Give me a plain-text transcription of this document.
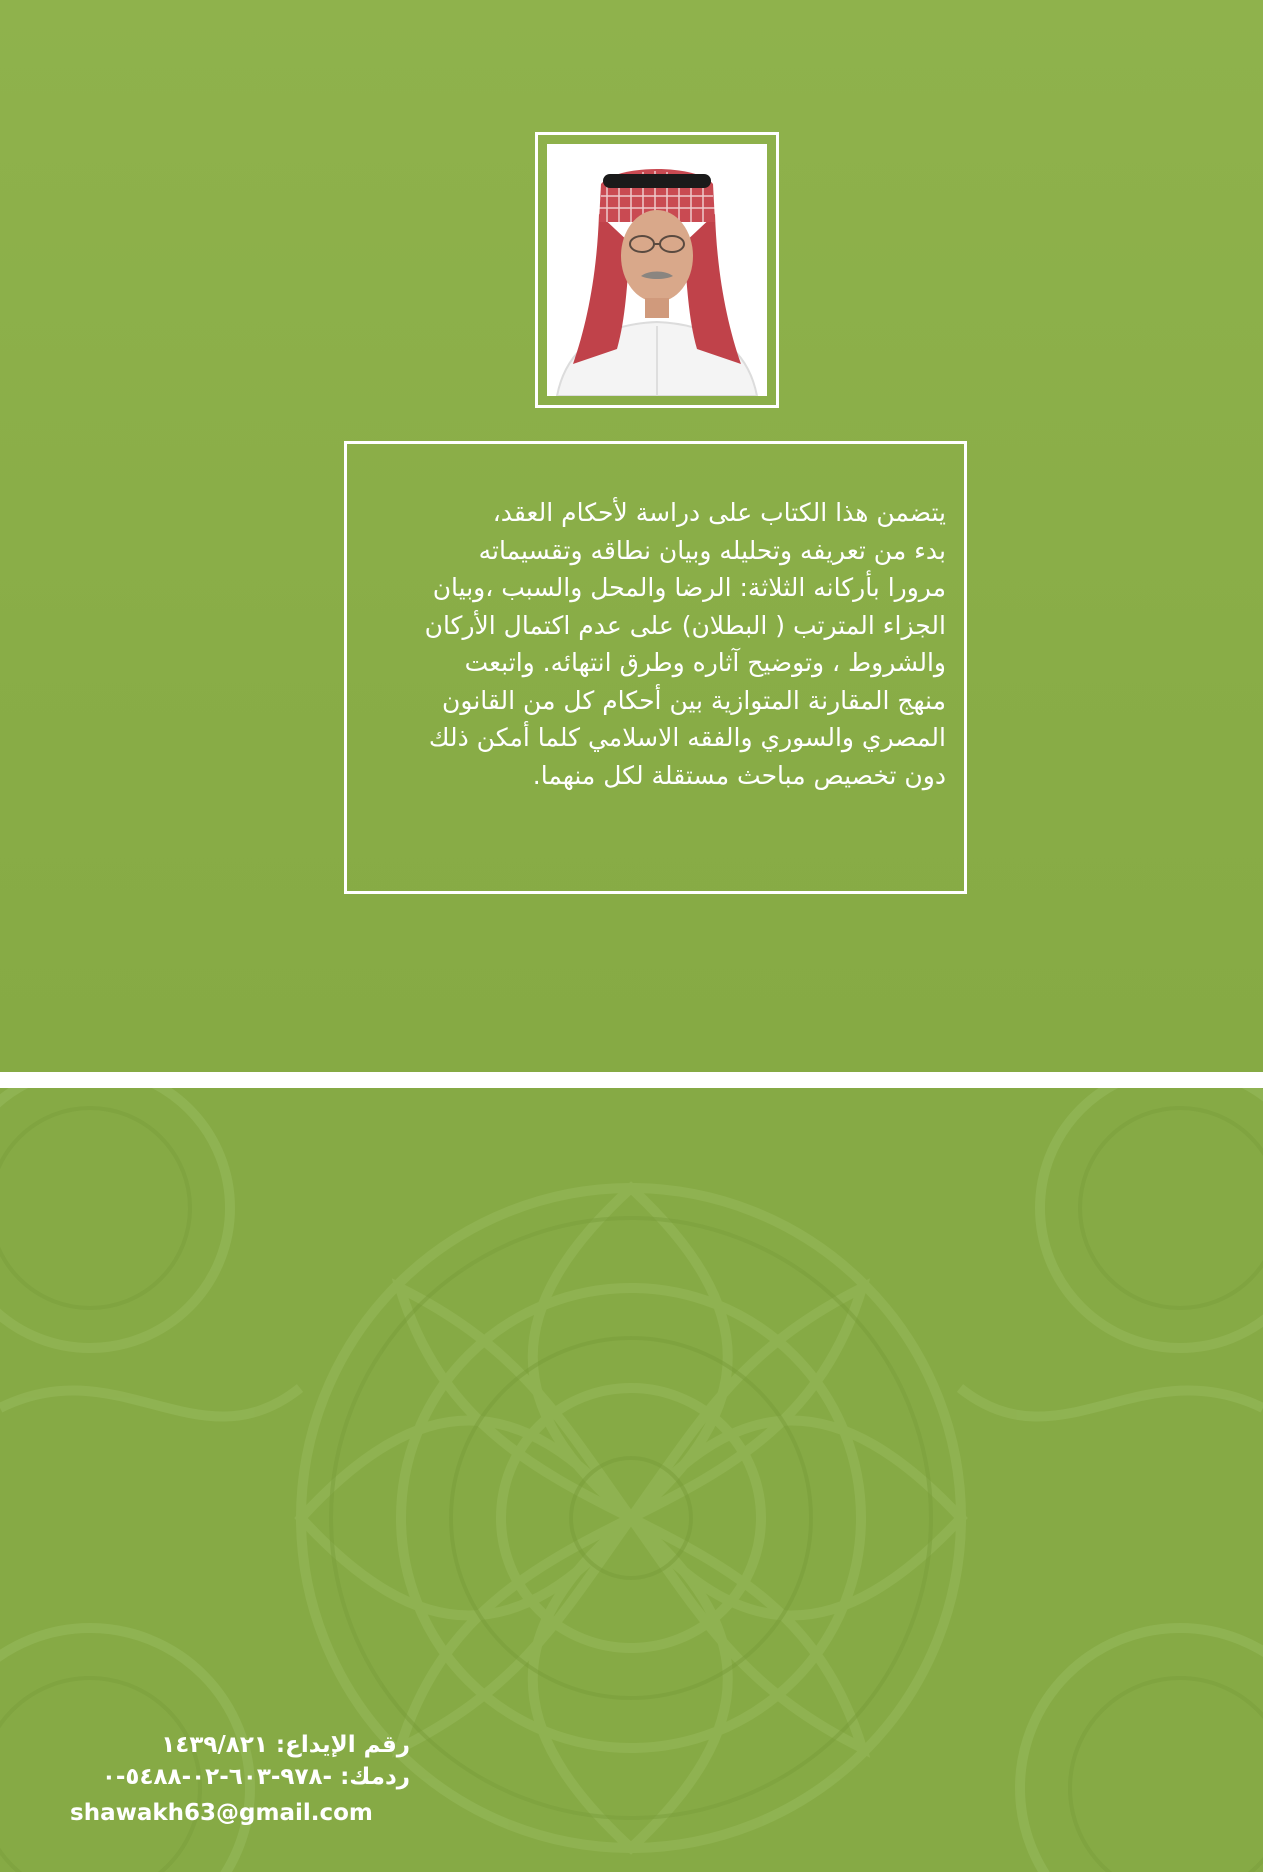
يتضمن هذا الكتاب على دراسة لأحكام العقد،
بدء من تعريفه وتحليله وبيان نطاقه وتقسيماته
مرورا بأركانه الثلاثة: الرضا والمحل والسبب ،وبيان
الجزاء المترتب ( البطلان) على عدم اكتمال الأركان
والشروط ، وتوضيح آثاره وطرق انتهائه. واتبعت
منهج المقارنة المتوازية بين أحكام كل من القانون
المصري والسوري والفقه الاسلامي كلما أمكن ذلك
دون تخصيص مباحث مستقلة لكل منهما.
رقم الإيداع: ١٤٣٩/٨٢١
ردمك: -٩٧٨-٦٠٣-٠٢-٥٤٨٨-٠
shawakh63@gmail.com
